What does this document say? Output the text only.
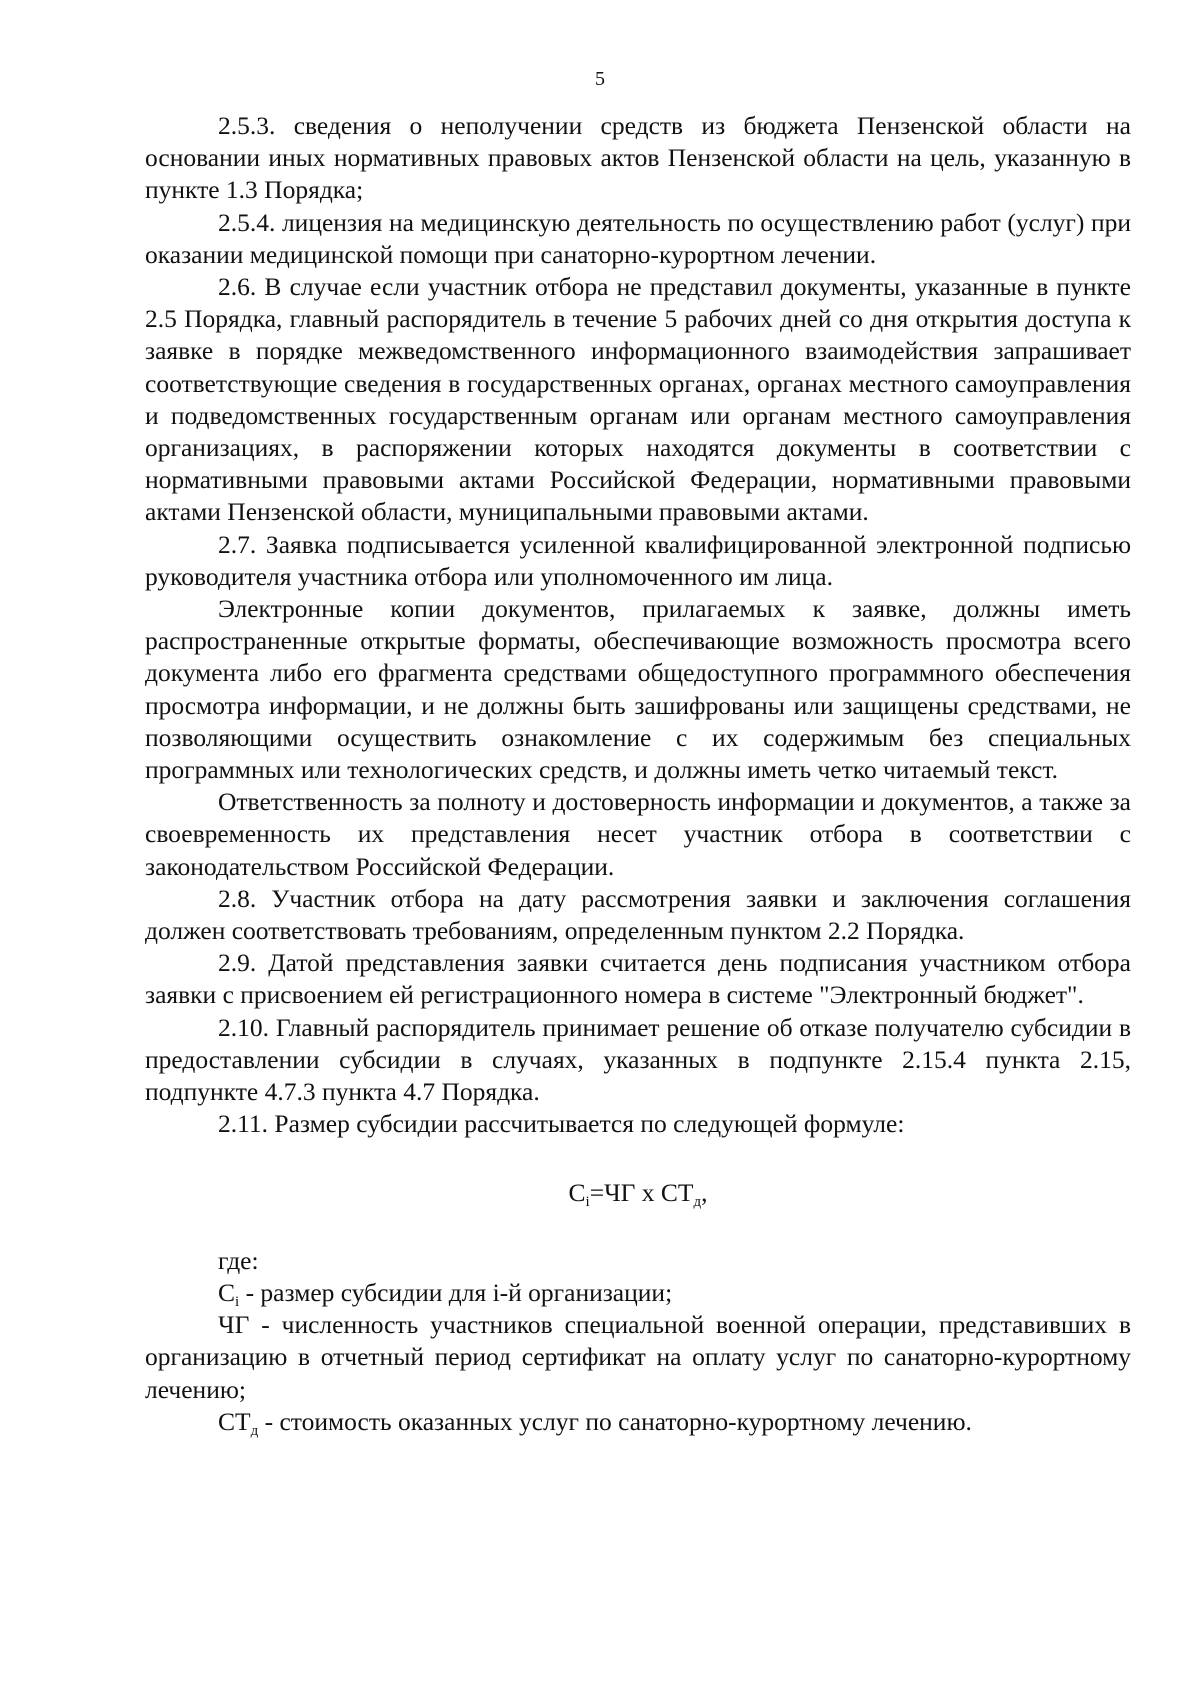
5

2.5.3. сведения о неполучении средств из бюджета Пензенской области на основании иных нормативных правовых актов Пензенской области на цель, указанную в пункте 1.3 Порядка;

2.5.4. лицензия на медицинскую деятельность по осуществлению работ (услуг) при оказании медицинской помощи при санаторно-курортном лечении.

2.6. В случае если участник отбора не представил документы, указанные в пункте 2.5 Порядка, главный распорядитель в течение 5 рабочих дней со дня открытия доступа к заявке в порядке межведомственного информационного взаимодействия запрашивает соответствующие сведения в государственных органах, органах местного самоуправления и подведомственных государственным органам или органам местного самоуправления организациях, в распоряжении которых находятся документы в соответствии с нормативными правовыми актами Российской Федерации, нормативными правовыми актами Пензенской области, муниципальными правовыми актами.

2.7. Заявка подписывается усиленной квалифицированной электронной подписью руководителя участника отбора или уполномоченного им лица.

Электронные копии документов, прилагаемых к заявке, должны иметь распространенные открытые форматы, обеспечивающие возможность просмотра всего документа либо его фрагмента средствами общедоступного программного обеспечения просмотра информации, и не должны быть зашифрованы или защищены средствами, не позволяющими осуществить ознакомление с их содержимым без специальных программных или технологических средств, и должны иметь четко читаемый текст.

Ответственность за полноту и достоверность информации и документов, а также за своевременность их представления несет участник отбора в соответствии с законодательством Российской Федерации.

2.8. Участник отбора на дату рассмотрения заявки и заключения соглашения должен соответствовать требованиям, определенным пунктом 2.2 Порядка.

2.9. Датой представления заявки считается день подписания участником отбора заявки с присвоением ей регистрационного номера в системе "Электронный бюджет".

2.10. Главный распорядитель принимает решение об отказе получателю субсидии в предоставлении субсидии в случаях, указанных в подпункте 2.15.4 пункта 2.15, подпункте 4.7.3 пункта 4.7 Порядка.

2.11. Размер субсидии рассчитывается по следующей формуле:

$С_i=ЧГ$ х $СТ_д$,

где:

$С_i$ - размер субсидии для i-й организации;

ЧГ - численность участников специальной военной операции, представивших в организацию в отчетный период сертификат на оплату услуг по санаторно-курортному лечению;

$СТ_д$ - стоимость оказанных услуг по санаторно-курортному лечению.
